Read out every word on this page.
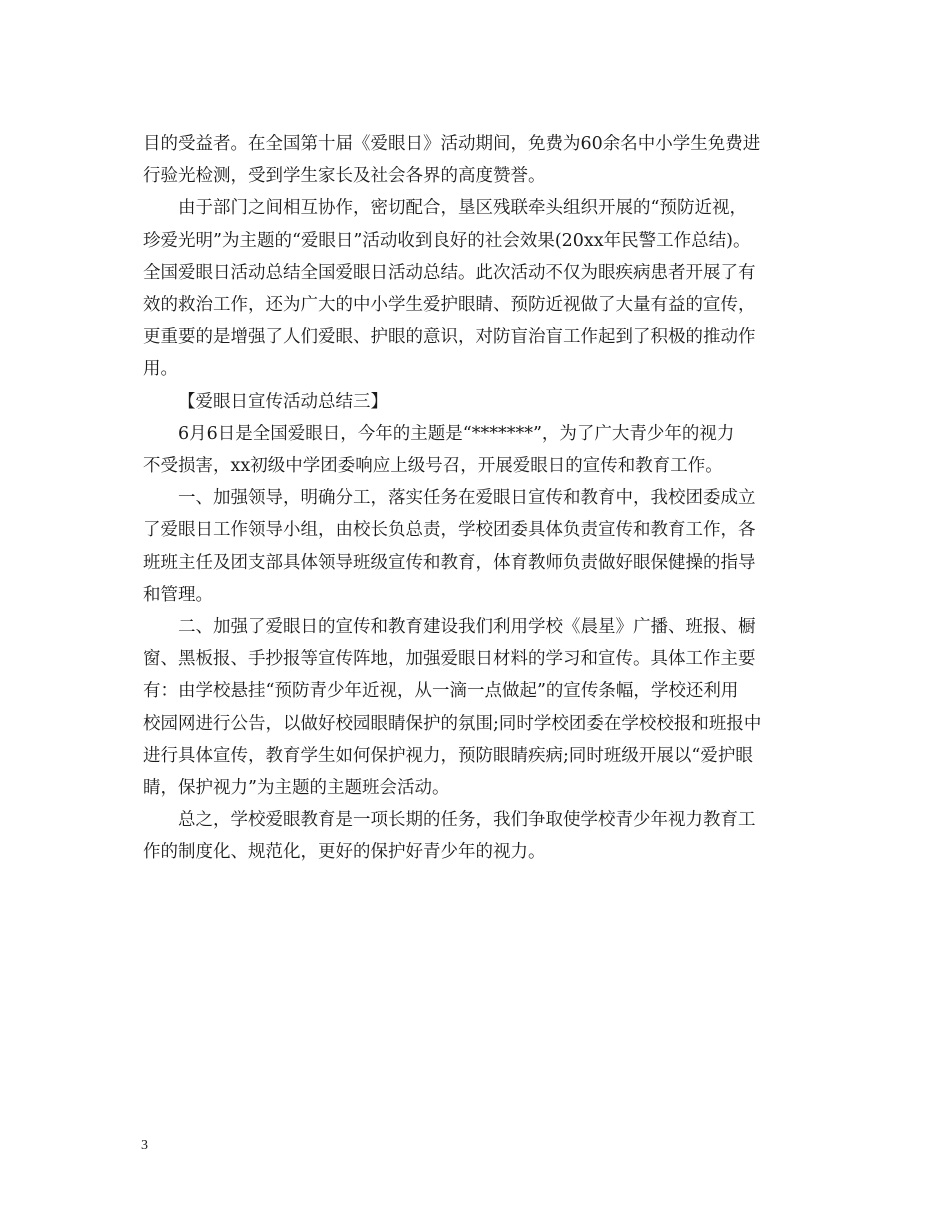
目的受益者。在全国第十届《爱眼日》活动期间，免费为60余名中小学生免费进
行验光检测，受到学生家长及社会各界的高度赞誉。
由于部门之间相互协作，密切配合，垦区残联牵头组织开展的“预防近视，
珍爱光明”为主题的“爱眼日”活动收到良好的社会效果(20xx年民警工作总结)。
全国爱眼日活动总结全国爱眼日活动总结。此次活动不仅为眼疾病患者开展了有
效的救治工作，还为广大的中小学生爱护眼睛、预防近视做了大量有益的宣传，
更重要的是增强了人们爱眼、护眼的意识，对防盲治盲工作起到了积极的推动作
用。
【爱眼日宣传活动总结三】
6月6日是全国爱眼日，今年的主题是“*******”，为了广大青少年的视力
不受损害，xx初级中学团委响应上级号召，开展爱眼日的宣传和教育工作。
一、加强领导，明确分工，落实任务在爱眼日宣传和教育中，我校团委成立
了爱眼日工作领导小组，由校长负总责，学校团委具体负责宣传和教育工作，各
班班主任及团支部具体领导班级宣传和教育，体育教师负责做好眼保健操的指导
和管理。
二、加强了爱眼日的宣传和教育建设我们利用学校《晨星》广播、班报、橱
窗、黑板报、手抄报等宣传阵地，加强爱眼日材料的学习和宣传。具体工作主要
有：由学校悬挂“预防青少年近视，从一滴一点做起”的宣传条幅，学校还利用
校园网进行公告，以做好校园眼睛保护的氛围;同时学校团委在学校校报和班报中
进行具体宣传，教育学生如何保护视力，预防眼睛疾病;同时班级开展以“爱护眼
睛，保护视力”为主题的主题班会活动。
总之，学校爱眼教育是一项长期的任务，我们争取使学校青少年视力教育工
作的制度化、规范化，更好的保护好青少年的视力。
3
